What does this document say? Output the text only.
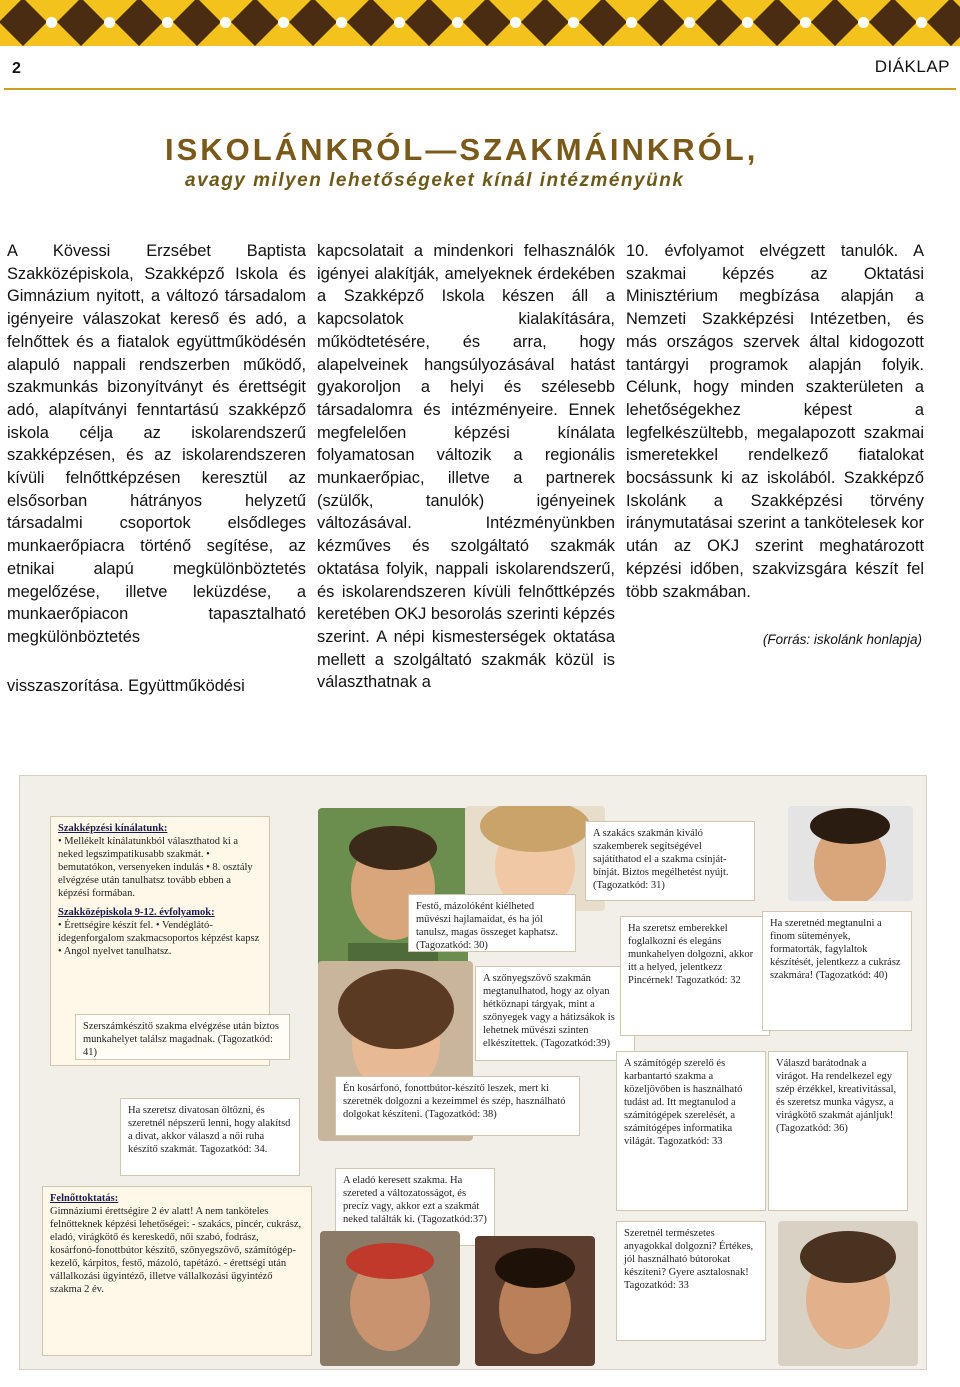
2	DIÁKLAP
ISKOLÁNKRÓL—SZAKMÁINKRÓL,
avagy milyen lehetőségeket kínál intézményünk

A Kövessi Erzsébet Baptista Szakközépiskola, Szakképző Iskola és Gimnázium nyitott, a változó társadalom igényeire válaszokat kereső és adó, a felnőttek és a fiatalok együttműködésén alapuló nappali rendszerben működő, szakmunkás bizonyítványt és érettségit adó, alapítványi fenntartású szakképző iskola célja az iskolarendszerű szakképzésen, és az iskolarendszeren kívüli felnőttképzésen keresztül az elsősorban hátrányos helyzetű társadalmi csoportok elsődleges munkaerőpiacra történő segítése, az etnikai alapú megkülönböztetés megelőzése, illetve leküzdése, a munkaerőpiacon tapasztalható megkülönböztetés

visszaszorítása. Együttműködési

kapcsolatait a mindenkori felhasználók igényei alakítják, amelyeknek érdekében a Szakképző Iskola készen áll a kapcsolatok kialakítására, működtetésére, és arra, hogy alapelveinek hangsúlyozásával hatást gyakoroljon a helyi és szélesebb társadalomra és intézményeire. Ennek megfelelően képzési kínálata folyamatosan változik a regionális munkaerőpiac, illetve a partnerek (szülők, tanulók) igényeinek változásával. Intézményünkben kézműves és szolgáltató szakmák oktatása folyik, nappali iskolarendszerű, és iskolarendszeren kívüli felnőttképzés keretében OKJ besorolás szerinti képzés szerint. A népi kismesterségek oktatása mellett a szolgáltató szakmák közül is választhatnak a

10. évfolyamot elvégzett tanulók. A szakmai képzés az Oktatási Minisztérium megbízása alapján a Nemzeti Szakképzési Intézetben, és más országos szervek által kidogozott tantárgyi programok alapján folyik. Célunk, hogy minden szakterületen a lehetőségekhez képest a legfelkészültebb, megalapozott szakmai ismeretekkel rendelkező fiatalokat bocsássunk ki az iskolából. Szakképző Iskolánk a Szakképzési törvény iránymutatásai szerint a tankötelesek kor után az OKJ szerint meghatározott képzési időben, szakvizsgára készít fel több szakmában.

(Forrás: iskolánk honlapja)

Szakképzési kínálatunk:
• Mellékelt kínálatunkból választhatod ki a neked legszimpatikusabb szakmát. • bemutatókon, versenyeken indulás • 8. osztály elvégzése után tanulhatsz tovább ebben a képzési formában.
Szakközépiskola 9-12. évfolyamok:
• Érettségire készít fel. • Vendéglátó-idegenforgalom szakmacsoportos képzést kapsz • Angol nyelvet tanulhatsz.
Szerszámkészítő szakma elvégzése után biztos munkahelyet találsz magadnak. (Tagozatkód: 41)
Ha szeretsz divatosan öltözni, és szeretnél népszerű lenni, hogy alakítsd a divat, akkor válaszd a női ruha készítő szakmát. Tagozatkód: 34.
Felnőttoktatás:
Gimnáziumi érettségire 2 év alatt! A nem tanköteles felnőtteknek képzési lehetőségei: - szakács, pincér, cukrász, eladó, virágkötő és kereskedő, női szabó, fodrász, kosárfonó-fonottbútor készítő, szőnyegszövő, számítógép-kezelő, kárpitos, festő, mázoló, tapétázó. - érettségi után vállalkozási ügyintéző, illetve vállalkozási ügyintéző szakma 2 év.
Festő, mázolóként kiélheted művészi hajlamaidat, és ha jól tanulsz, magas összeget kaphatsz. (Tagozatkód: 30)
A szőnyegszövő szakmán megtanulhatod, hogy az olyan hétköznapi tárgyak, mint a szőnyegek vagy a hátizsákok is lehetnek művészi szinten elkészítettek. (Tagozatkód:39)
Én kosárfonó, fonottbútor-készítő leszek, mert ki szeretnék dolgozni a kezeimmel és szép, használható dolgokat készíteni. (Tagozatkód: 38)
A eladó keresett szakma. Ha szereted a változatosságot, és precíz vagy, akkor ezt a szakmát neked találták ki. (Tagozatkód:37)
A szakács szakmán kiváló szakemberek segítségével sajátíthatod el a szakma csínját-bínját. Biztos megélhetést nyújt. (Tagozatkód: 31)
Ha szeretsz emberekkel foglalkozni és elegáns munkahelyen dolgozni, akkor itt a helyed, jelentkezz Pincérnek! Tagozatkód: 32
Ha szeretnéd megtanulni a finom sütemények, formatorták, fagylaltok készítését, jelentkezz a cukrász szakmára! (Tagozatkód: 40)
A számítógép szerelő és karbantartó szakma a közeljövőben is használható tudást ad. Itt megtanulod a számítógépek szerelését, a számítógépes informatika világát. Tagozatkód: 33
Válaszd barátodnak a virágot. Ha rendelkezel egy szép érzékkel, kreativitással, és szeretsz munka vágysz, a virágkötő szakmát ajánljuk! (Tagozatkód: 36)
Szeretnél természetes anyagokkal dolgozni? Értékes, jól használható bútorokat készíteni? Gyere asztalosnak! Tagozatkód: 33
